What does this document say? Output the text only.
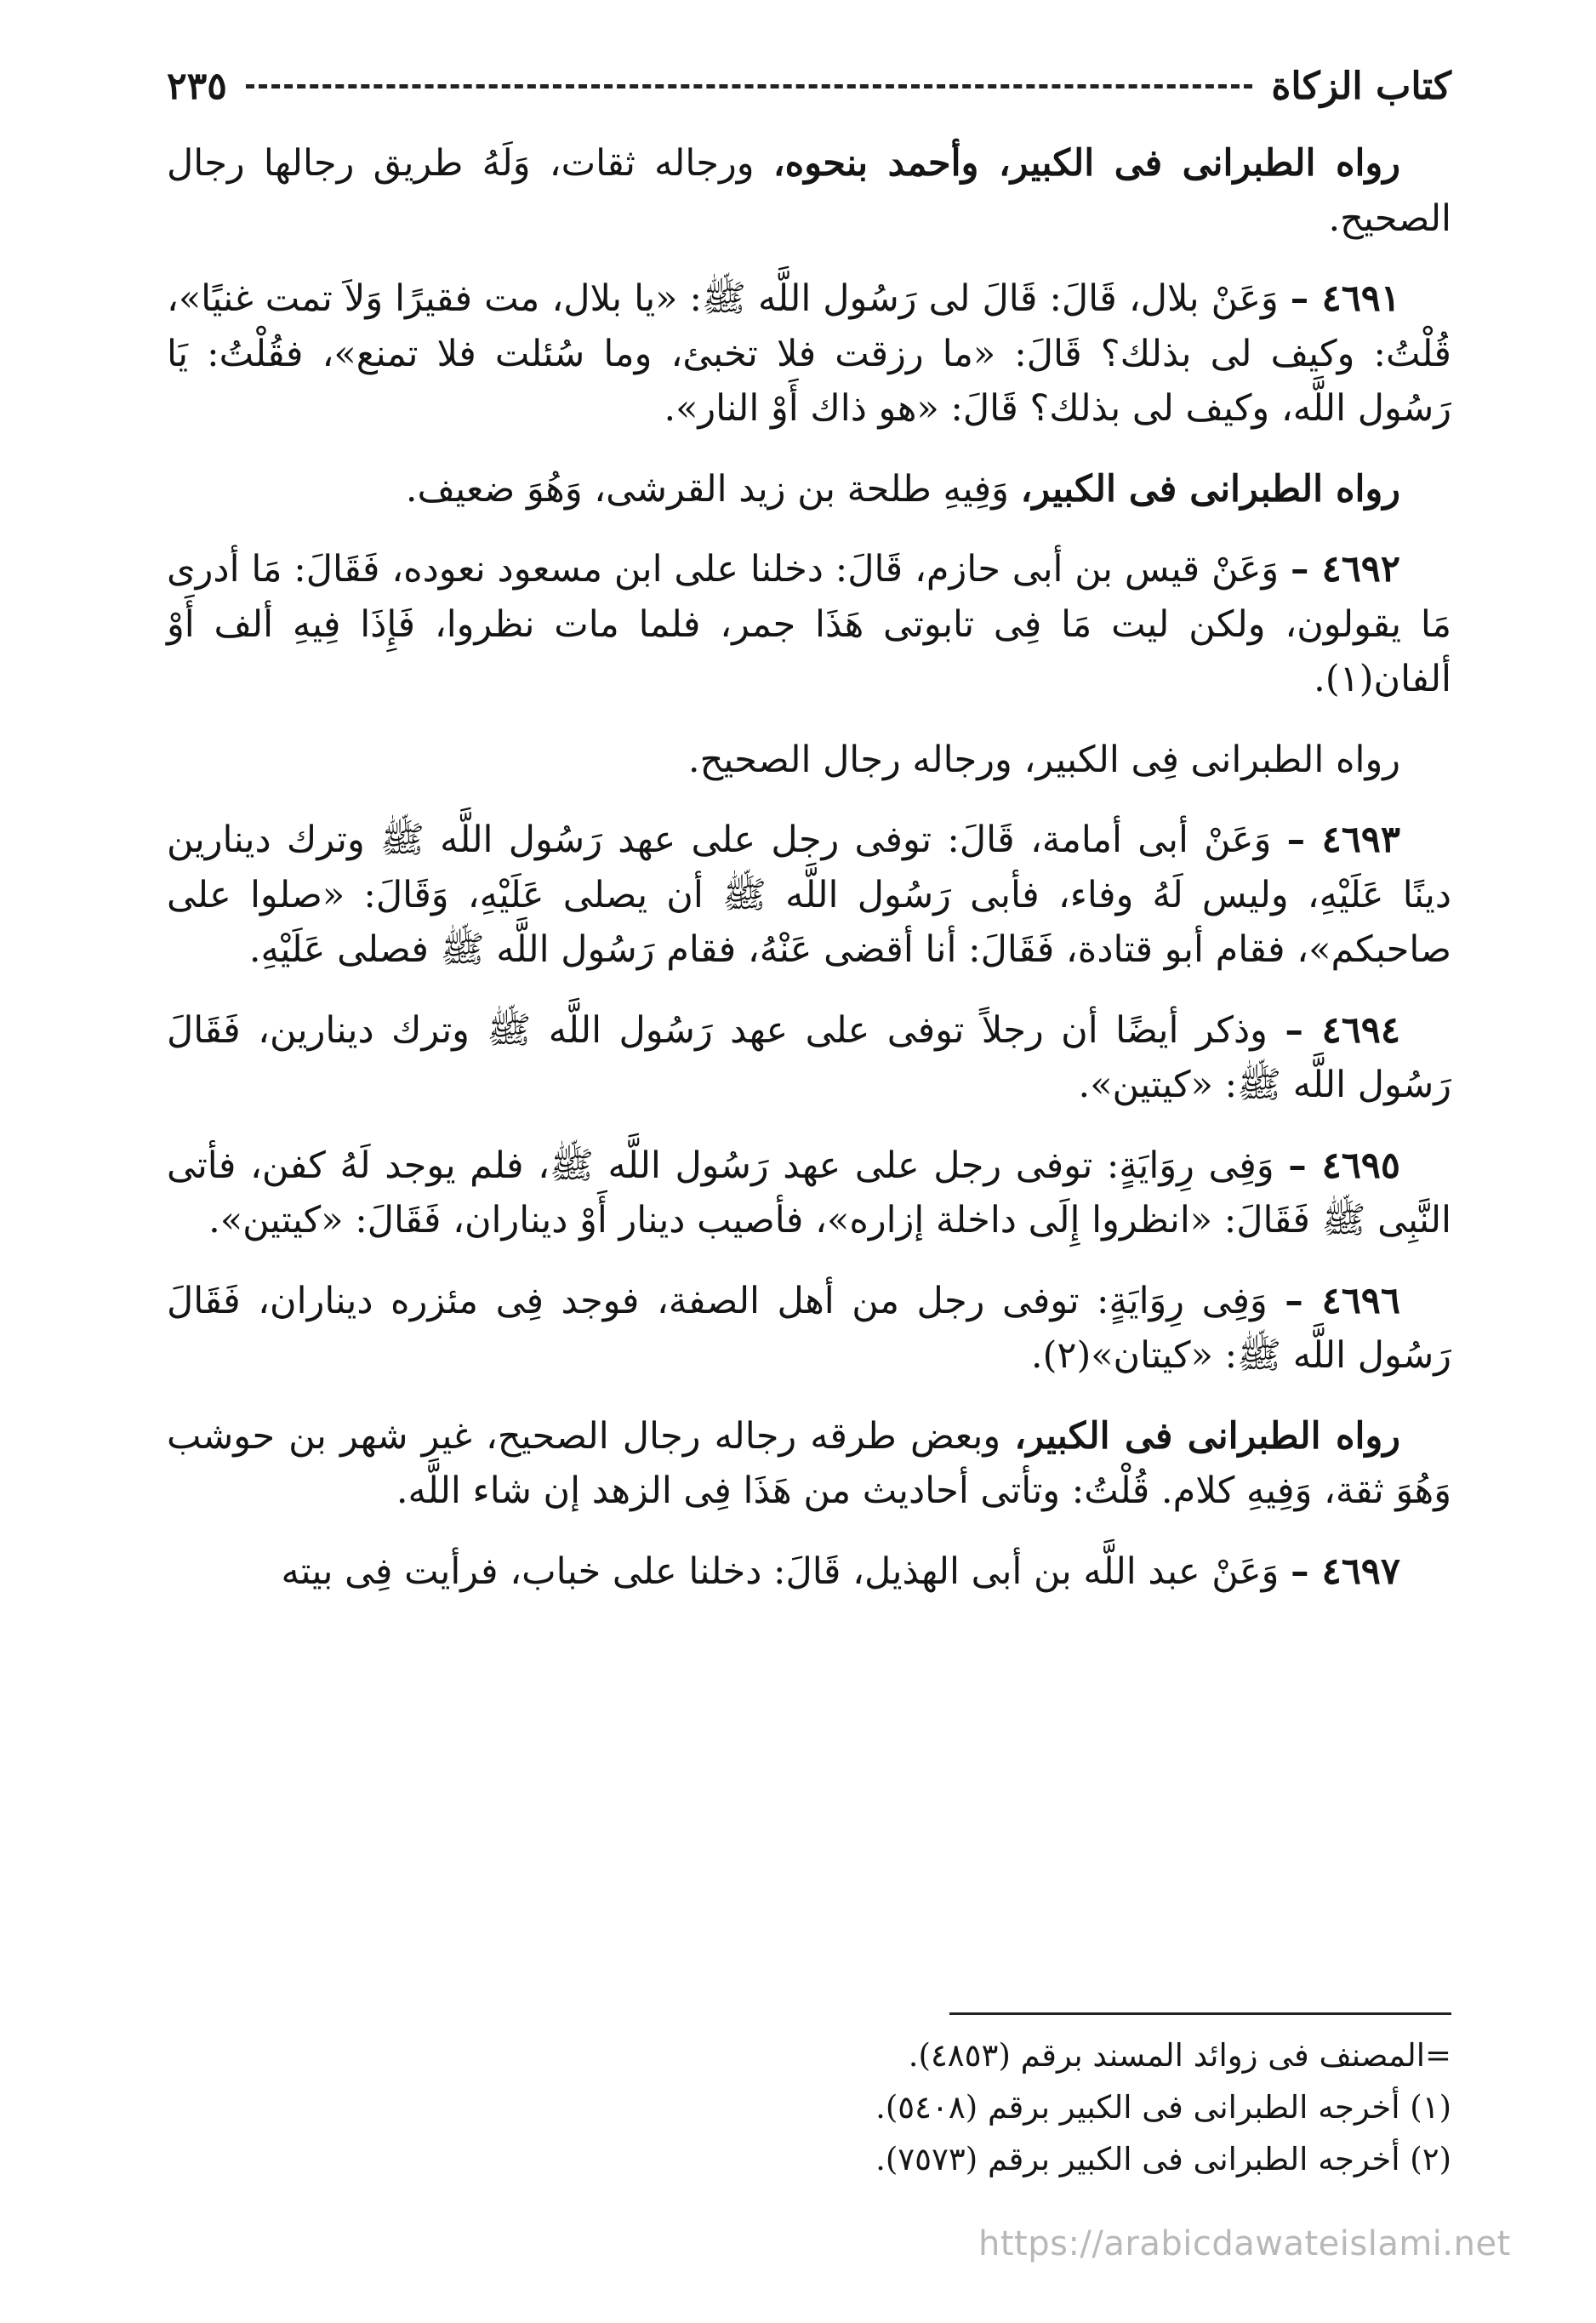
كتاب الزكاة
٢٣٥

رواه الطبرانى فى الكبير، وأحمد بنحوه، ورجاله ثقات، وَلَهُ طريق رجالها رجال الصحيح.

٤٦٩١ – وَعَنْ بلال، قَالَ: قَالَ لى رَسُول اللَّه ﷺ: «يا بلال، مت فقيرًا وَلاَ تمت غنيًا»، قُلْتُ: وكيف لى بذلك؟ قَالَ: «ما رزقت فلا تخبئ، وما سُئلت فلا تمنع»، فقُلْتُ: يَا رَسُول اللَّه، وكيف لى بذلك؟ قَالَ: «هو ذاك أَوْ النار».

رواه الطبرانى فى الكبير، وَفِيهِ طلحة بن زيد القرشى، وَهُوَ ضعيف.

٤٦٩٢ – وَعَنْ قيس بن أبى حازم، قَالَ: دخلنا على ابن مسعود نعوده، فَقَالَ: مَا أدرى مَا يقولون، ولكن ليت مَا فِى تابوتى هَذَا جمر، فلما مات نظروا، فَإِذَا فِيهِ ألف أَوْ ألفان(١).

رواه الطبرانى فِى الكبير، ورجاله رجال الصحيح.

٤٦٩٣ – وَعَنْ أبى أمامة، قَالَ: توفى رجل على عهد رَسُول اللَّه ﷺ وترك دينارين دينًا عَلَيْهِ، وليس لَهُ وفاء، فأبى رَسُول اللَّه ﷺ أن يصلى عَلَيْهِ، وَقَالَ: «صلوا على صاحبكم»، فقام أبو قتادة، فَقَالَ: أنا أقضى عَنْهُ، فقام رَسُول اللَّه ﷺ فصلى عَلَيْهِ.

٤٦٩٤ – وذكر أيضًا أن رجلاً توفى على عهد رَسُول اللَّه ﷺ وترك دينارين، فَقَالَ رَسُول اللَّه ﷺ: «كيتين».

٤٦٩٥ – وَفِى رِوَايَةٍ: توفى رجل على عهد رَسُول اللَّه ﷺ، فلم يوجد لَهُ كفن، فأتى النَّبِى ﷺ فَقَالَ: «انظروا إِلَى داخلة إزاره»، فأصيب دينار أَوْ ديناران، فَقَالَ: «كيتين».

٤٦٩٦ – وَفِى رِوَايَةٍ: توفى رجل من أهل الصفة، فوجد فِى مئزره ديناران، فَقَالَ رَسُول اللَّه ﷺ: «كيتان»(٢).

رواه الطبرانى فى الكبير، وبعض طرقه رجاله رجال الصحيح، غير شهر بن حوشب وَهُوَ ثقة، وَفِيهِ كلام. قُلْتُ: وتأتى أحاديث من هَذَا فِى الزهد إن شاء اللَّه.

٤٦٩٧ – وَعَنْ عبد اللَّه بن أبى الهذيل، قَالَ: دخلنا على خباب، فرأيت فِى بيته

=المصنف فى زوائد المسند برقم (٤٨٥٣).
(١) أخرجه الطبرانى فى الكبير برقم (٥٤٠٨).
(٢) أخرجه الطبرانى فى الكبير برقم (٧٥٧٣).
https://arabicdawateislami.net
